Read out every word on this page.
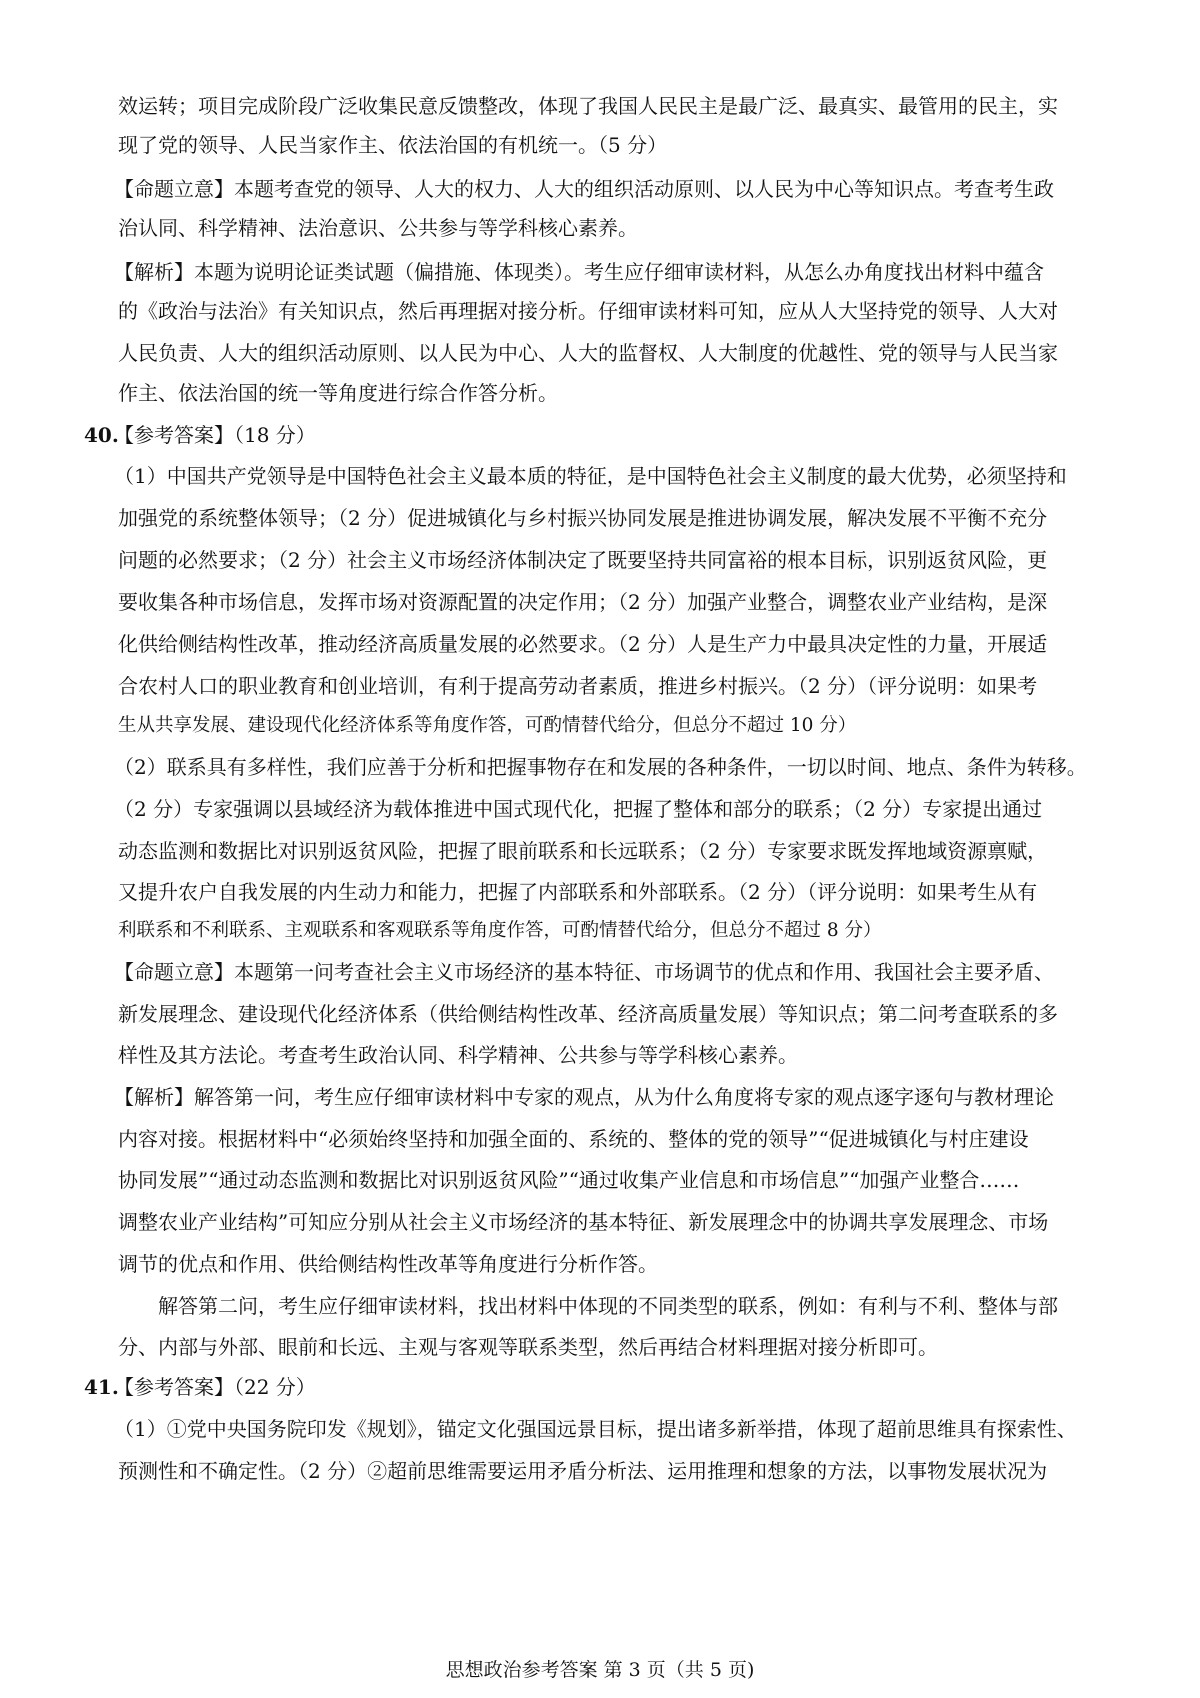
效运转；项目完成阶段广泛收集民意反馈整改，体现了我国人民民主是最广泛、最真实、最管用的民主，实
现了党的领导、人民当家作主、依法治国的有机统一。（5 分）
【命题立意】本题考查党的领导、人大的权力、人大的组织活动原则、以人民为中心等知识点。考查考生政
治认同、科学精神、法治意识、公共参与等学科核心素养。
【解析】本题为说明论证类试题（偏措施、体现类）。考生应仔细审读材料，从怎么办角度找出材料中蕴含
的《政治与法治》有关知识点，然后再理据对接分析。仔细审读材料可知，应从人大坚持党的领导、人大对
人民负责、人大的组织活动原则、以人民为中心、人大的监督权、人大制度的优越性、党的领导与人民当家
作主、依法治国的统一等角度进行综合作答分析。
40.
【参考答案】（18 分）
（1）中国共产党领导是中国特色社会主义最本质的特征，是中国特色社会主义制度的最大优势，必须坚持和
加强党的系统整体领导；（2 分）促进城镇化与乡村振兴协同发展是推进协调发展，解决发展不平衡不充分
问题的必然要求；（2 分）社会主义市场经济体制决定了既要坚持共同富裕的根本目标，识别返贫风险，更
要收集各种市场信息，发挥市场对资源配置的决定作用；（2 分）加强产业整合，调整农业产业结构，是深
化供给侧结构性改革，推动经济高质量发展的必然要求。（2 分）人是生产力中最具决定性的力量，开展适
合农村人口的职业教育和创业培训，有利于提高劳动者素质，推进乡村振兴。（2 分）（评分说明：如果考
生从共享发展、建设现代化经济体系等角度作答，可酌情替代给分，但总分不超过 10 分）
（2）联系具有多样性，我们应善于分析和把握事物存在和发展的各种条件，一切以时间、地点、条件为转移。
（2 分）专家强调以县域经济为载体推进中国式现代化，把握了整体和部分的联系；（2 分）专家提出通过
动态监测和数据比对识别返贫风险，把握了眼前联系和长远联系；（2 分）专家要求既发挥地域资源禀赋，
又提升农户自我发展的内生动力和能力，把握了内部联系和外部联系。（2 分）（评分说明：如果考生从有
利联系和不利联系、主观联系和客观联系等角度作答，可酌情替代给分，但总分不超过 8 分）
【命题立意】本题第一问考查社会主义市场经济的基本特征、市场调节的优点和作用、我国社会主要矛盾、
新发展理念、建设现代化经济体系（供给侧结构性改革、经济高质量发展）等知识点；第二问考查联系的多
样性及其方法论。考查考生政治认同、科学精神、公共参与等学科核心素养。
【解析】解答第一问，考生应仔细审读材料中专家的观点，从为什么角度将专家的观点逐字逐句与教材理论
内容对接。根据材料中“必须始终坚持和加强全面的、系统的、整体的党的领导”“促进城镇化与村庄建设
协同发展”“通过动态监测和数据比对识别返贫风险”“通过收集产业信息和市场信息”“加强产业整合……
调整农业产业结构”可知应分别从社会主义市场经济的基本特征、新发展理念中的协调共享发展理念、市场
调节的优点和作用、供给侧结构性改革等角度进行分析作答。
解答第二问，考生应仔细审读材料，找出材料中体现的不同类型的联系，例如：有利与不利、整体与部
分、内部与外部、眼前和长远、主观与客观等联系类型，然后再结合材料理据对接分析即可。
41.
【参考答案】（22 分）
（1）①党中央国务院印发《规划》，锚定文化强国远景目标，提出诸多新举措，体现了超前思维具有探索性、
预测性和不确定性。（2 分）②超前思维需要运用矛盾分析法、运用推理和想象的方法，以事物发展状况为
思想政治参考答案 第 3 页（共 5 页)
